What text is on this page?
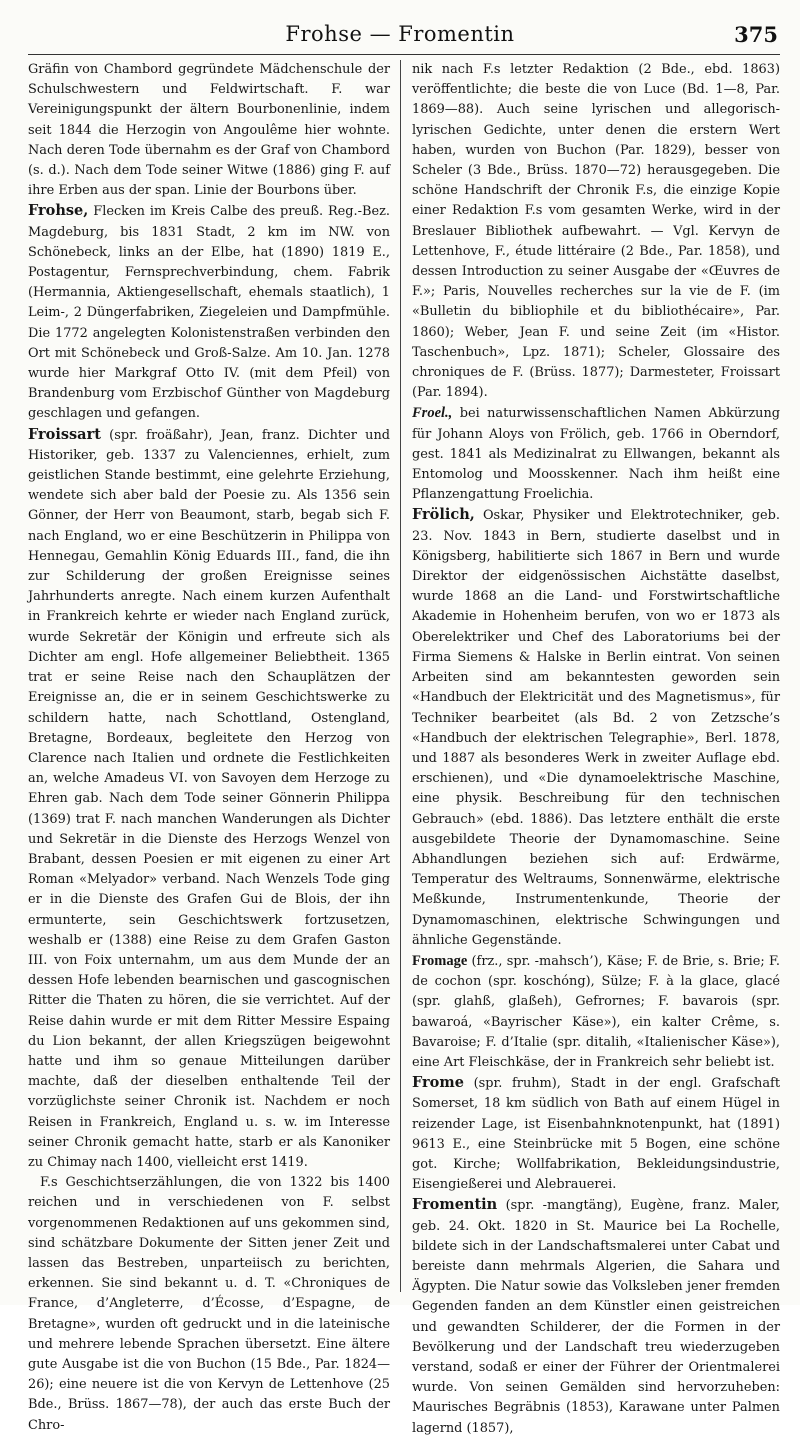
Frohse — Fromentin	375

Gräfin von Chambord gegründete Mädchenschule der Schulschwestern und Feldwirtschaft. F. war Vereinigungspunkt der ältern Bourbonenlinie, indem seit 1844 die Herzogin von Angoulême hier wohnte. Nach deren Tode übernahm es der Graf von Chambord (s. d.). Nach dem Tode seiner Witwe (1886) ging F. auf ihre Erben aus der span. Linie der Bourbons über.

Frohse, Flecken im Kreis Calbe des preuß. Reg.-Bez. Magdeburg, bis 1831 Stadt, 2 km im NW. von Schönebeck, links an der Elbe, hat (1890) 1819 E., Postagentur, Fernsprechverbindung, chem. Fabrik (Hermannia, Aktiengesellschaft, ehemals staatlich), 1 Leim-, 2 Düngerfabriken, Ziegeleien und Dampfmühle. Die 1772 angelegten Kolonistenstraßen verbinden den Ort mit Schönebeck und Groß-Salze. Am 10. Jan. 1278 wurde hier Markgraf Otto IV. (mit dem Pfeil) von Brandenburg vom Erzbischof Günther von Magdeburg geschlagen und gefangen.

Froissart (spr. froäßahr), Jean, franz. Dichter und Historiker, geb. 1337 zu Valenciennes, erhielt, zum geistlichen Stande bestimmt, eine gelehrte Erziehung, wendete sich aber bald der Poesie zu. Als 1356 sein Gönner, der Herr von Beaumont, starb, begab sich F. nach England, wo er eine Beschützerin in Philippa von Hennegau, Gemahlin König Eduards III., fand, die ihn zur Schilderung der großen Ereignisse seines Jahrhunderts anregte. Nach einem kurzen Aufenthalt in Frankreich kehrte er wieder nach England zurück, wurde Sekretär der Königin und erfreute sich als Dichter am engl. Hofe allgemeiner Beliebtheit. 1365 trat er seine Reise nach den Schauplätzen der Ereignisse an, die er in seinem Geschichtswerke zu schildern hatte, nach Schottland, Ostengland, Bretagne, Bordeaux, begleitete den Herzog von Clarence nach Italien und ordnete die Festlichkeiten an, welche Amadeus VI. von Savoyen dem Herzoge zu Ehren gab. Nach dem Tode seiner Gönnerin Philippa (1369) trat F. nach manchen Wanderungen als Dichter und Sekretär in die Dienste des Herzogs Wenzel von Brabant, dessen Poesien er mit eigenen zu einer Art Roman «Melyador» verband. Nach Wenzels Tode ging er in die Dienste des Grafen Gui de Blois, der ihn ermunterte, sein Geschichtswerk fortzusetzen, weshalb er (1388) eine Reise zu dem Grafen Gaston III. von Foix unternahm, um aus dem Munde der an dessen Hofe lebenden bearnischen und gascognischen Ritter die Thaten zu hören, die sie verrichtet. Auf der Reise dahin wurde er mit dem Ritter Messire Espaing du Lion bekannt, der allen Kriegszügen beigewohnt hatte und ihm so genaue Mitteilungen darüber machte, daß der dieselben enthaltende Teil der vorzüglichste seiner Chronik ist. Nachdem er noch Reisen in Frankreich, England u. s. w. im Interesse seiner Chronik gemacht hatte, starb er als Kanoniker zu Chimay nach 1400, vielleicht erst 1419.

F.s Geschichtserzählungen, die von 1322 bis 1400 reichen und in verschiedenen von F. selbst vorgenommenen Redaktionen auf uns gekommen sind, sind schätzbare Dokumente der Sitten jener Zeit und lassen das Bestreben, unparteiisch zu berichten, erkennen. Sie sind bekannt u. d. T. «Chroniques de France, d’Angleterre, d’Écosse, d’Espagne, de Bretagne», wurden oft gedruckt und in die lateinische und mehrere lebende Sprachen übersetzt. Eine ältere gute Ausgabe ist die von Buchon (15 Bde., Par. 1824—26); eine neuere ist die von Kervyn de Lettenhove (25 Bde., Brüss. 1867—78), der auch das erste Buch der Chro-

nik nach F.s letzter Redaktion (2 Bde., ebd. 1863) veröffentlichte; die beste die von Luce (Bd. 1—8, Par. 1869—88). Auch seine lyrischen und allegorisch-lyrischen Gedichte, unter denen die erstern Wert haben, wurden von Buchon (Par. 1829), besser von Scheler (3 Bde., Brüss. 1870—72) herausgegeben. Die schöne Handschrift der Chronik F.s, die einzige Kopie einer Redaktion F.s vom gesamten Werke, wird in der Breslauer Bibliothek aufbewahrt. — Vgl. Kervyn de Lettenhove, F., étude littéraire (2 Bde., Par. 1858), und dessen Introduction zu seiner Ausgabe der «Œuvres de F.»; Paris, Nouvelles recherches sur la vie de F. (im «Bulletin du bibliophile et du bibliothécaire», Par. 1860); Weber, Jean F. und seine Zeit (im «Histor. Taschenbuch», Lpz. 1871); Scheler, Glossaire des chroniques de F. (Brüss. 1877); Darmesteter, Froissart (Par. 1894).

Froel., bei naturwissenschaftlichen Namen Abkürzung für Johann Aloys von Frölich, geb. 1766 in Oberndorf, gest. 1841 als Medizinalrat zu Ellwangen, bekannt als Entomolog und Moosskenner. Nach ihm heißt eine Pflanzengattung Froelichia.

Frölich, Oskar, Physiker und Elektrotechniker, geb. 23. Nov. 1843 in Bern, studierte daselbst und in Königsberg, habilitierte sich 1867 in Bern und wurde Direktor der eidgenössischen Aichstätte daselbst, wurde 1868 an die Land- und Forstwirtschaftliche Akademie in Hohenheim berufen, von wo er 1873 als Oberelektriker und Chef des Laboratoriums bei der Firma Siemens & Halske in Berlin eintrat. Von seinen Arbeiten sind am bekanntesten geworden sein «Handbuch der Elektricität und des Magnetismus», für Techniker bearbeitet (als Bd. 2 von Zetzsche’s «Handbuch der elektrischen Telegraphie», Berl. 1878, und 1887 als besonderes Werk in zweiter Auflage ebd. erschienen), und «Die dynamoelektrische Maschine, eine physik. Beschreibung für den technischen Gebrauch» (ebd. 1886). Das letztere enthält die erste ausgebildete Theorie der Dynamomaschine. Seine Abhandlungen beziehen sich auf: Erdwärme, Temperatur des Weltraums, Sonnenwärme, elektrische Meßkunde, Instrumentenkunde, Theorie der Dynamomaschinen, elektrische Schwingungen und ähnliche Gegenstände.

Fromage (frz., spr. -mahsch’), Käse; F. de Brie, s. Brie; F. de cochon (spr. koschóng), Sülze; F. à la glace, glacé (spr. glahß, glaßeh), Gefrornes; F. bavarois (spr. bawaroá, «Bayrischer Käse»), ein kalter Crême, s. Bavaroise; F. d’Italie (spr. ditalih, «Italienischer Käse»), eine Art Fleischkäse, der in Frankreich sehr beliebt ist.

Frome (spr. fruhm), Stadt in der engl. Grafschaft Somerset, 18 km südlich von Bath auf einem Hügel in reizender Lage, ist Eisenbahnknotenpunkt, hat (1891) 9613 E., eine Steinbrücke mit 5 Bogen, eine schöne got. Kirche; Wollfabrikation, Bekleidungsindustrie, Eisengießerei und Alebrauerei.

Fromentin (spr. -mangtäng), Eugène, franz. Maler, geb. 24. Okt. 1820 in St. Maurice bei La Rochelle, bildete sich in der Landschaftsmalerei unter Cabat und bereiste dann mehrmals Algerien, die Sahara und Ägypten. Die Natur sowie das Volksleben jener fremden Gegenden fanden an dem Künstler einen geistreichen und gewandten Schilderer, der die Formen in der Bevölkerung und der Landschaft treu wiederzugeben verstand, sodaß er einer der Führer der Orientmalerei wurde. Von seinen Gemälden sind hervorzuheben: Maurisches Begräbnis (1853), Karawane unter Palmen lagernd (1857),
